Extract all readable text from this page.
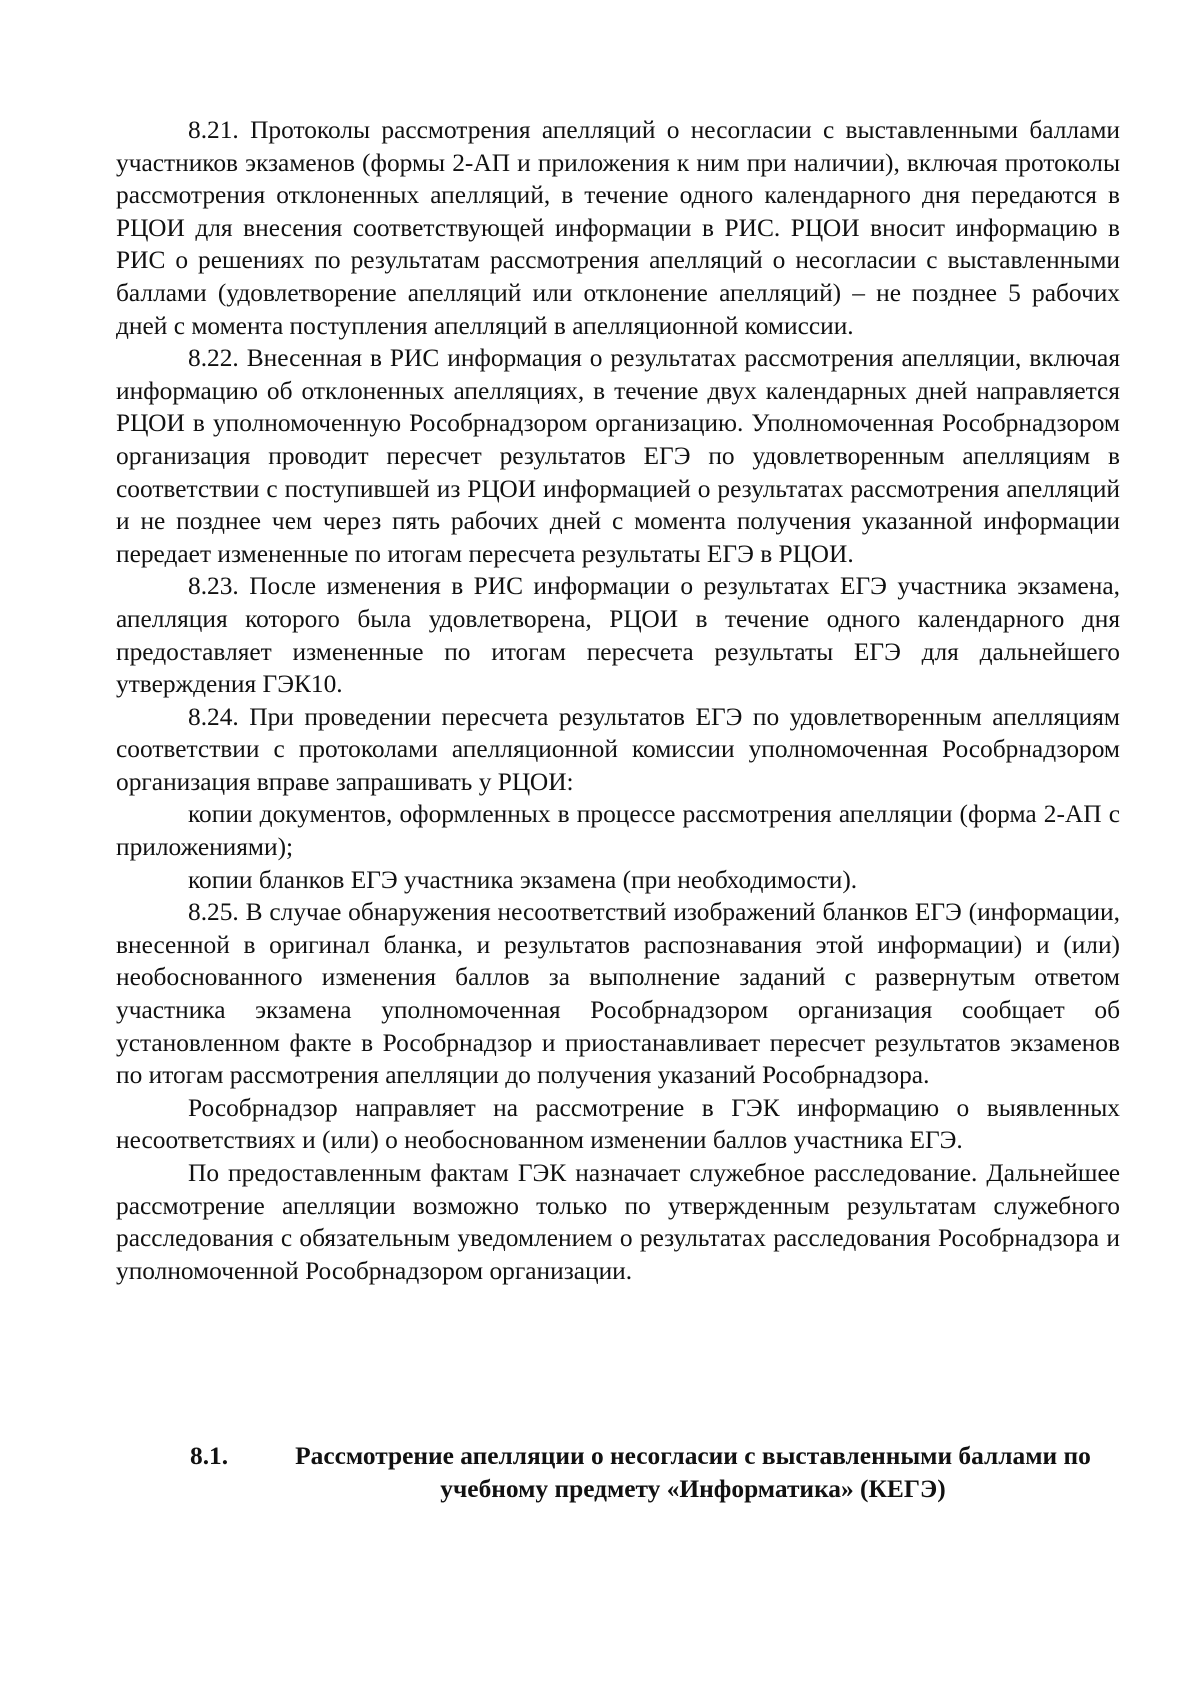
8.21. Протоколы рассмотрения апелляций о несогласии с выставленными баллами участников экзаменов (формы 2-АП и приложения к ним при наличии), включая протоколы рассмотрения отклоненных апелляций, в течение одного календарного дня передаются в РЦОИ для внесения соответствующей информации в РИС. РЦОИ вносит информацию в РИС о решениях по результатам рассмотрения апелляций о несогласии с выставленными баллами (удовлетворение апелляций или отклонение апелляций) – не позднее 5 рабочих дней с момента поступления апелляций в апелляционной комиссии.

8.22. Внесенная в РИС информация о результатах рассмотрения апелляции, включая информацию об отклоненных апелляциях, в течение двух календарных дней направляется РЦОИ в уполномоченную Рособрнадзором организацию. Уполномоченная Рособрнадзором организация проводит пересчет результатов ЕГЭ по удовлетворенным апелляциям в соответствии с поступившей из РЦОИ информацией о результатах рассмотрения апелляций и не позднее чем через пять рабочих дней с момента получения указанной информации передает измененные по итогам пересчета результаты ЕГЭ в РЦОИ.

8.23. После изменения в РИС информации о результатах ЕГЭ участника экзамена, апелляция которого была удовлетворена, РЦОИ в течение одного календарного дня предоставляет измененные по итогам пересчета результаты ЕГЭ для дальнейшего утверждения ГЭК10.

8.24. При проведении пересчета результатов ЕГЭ по удовлетворенным апелляциям соответствии с протоколами апелляционной комиссии уполномоченная Рособрнадзором организация вправе запрашивать у РЦОИ:

копии документов, оформленных в процессе рассмотрения апелляции (форма 2-АП с приложениями);

копии бланков ЕГЭ участника экзамена (при необходимости).

8.25. В случае обнаружения несоответствий изображений бланков ЕГЭ (информации, внесенной в оригинал бланка, и результатов распознавания этой информации) и (или) необоснованного изменения баллов за выполнение заданий с развернутым ответом участника экзамена уполномоченная Рособрнадзором организация сообщает об установленном факте в Рособрнадзор и приостанавливает пересчет результатов экзаменов по итогам рассмотрения апелляции до получения указаний Рособрнадзора.

Рособрнадзор направляет на рассмотрение в ГЭК информацию о выявленных несоответствиях и (или) о необоснованном изменении баллов участника ЕГЭ.

По предоставленным фактам ГЭК назначает служебное расследование. Дальнейшее рассмотрение апелляции возможно только по утвержденным результатам служебного расследования с обязательным уведомлением о результатах расследования Рособрнадзора и уполномоченной Рособрнадзором организации.

8.1.	Рассмотрение апелляции о несогласии с выставленными баллами по учебному предмету «Информатика» (КЕГЭ)
